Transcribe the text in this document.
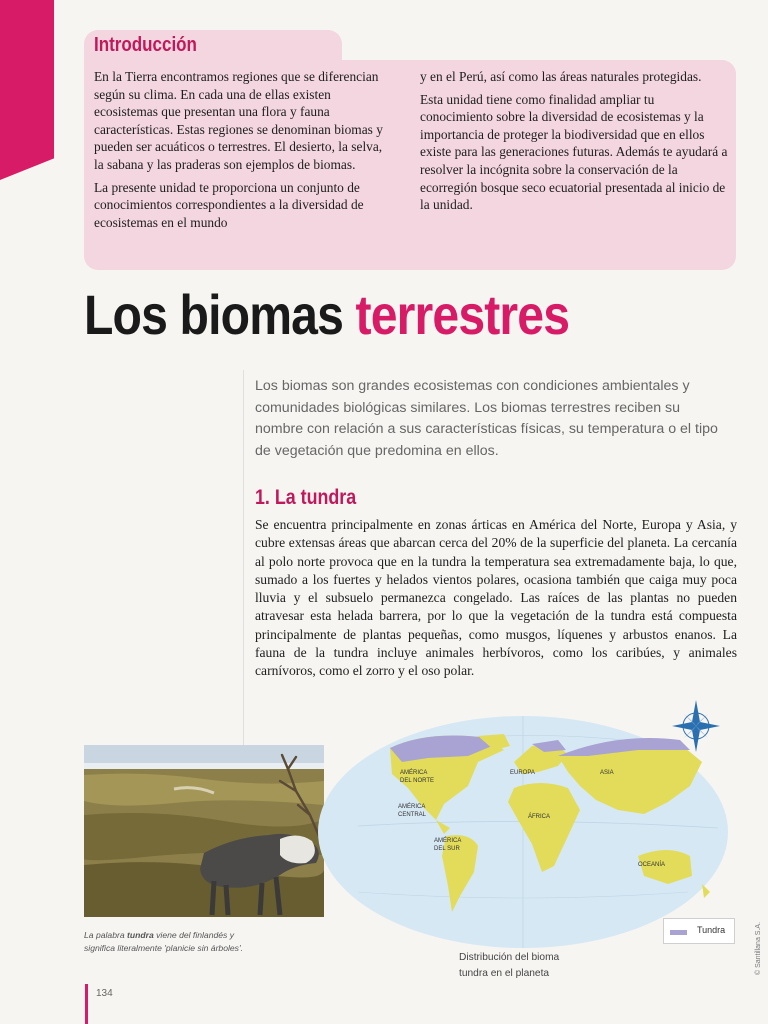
Introducción

En la Tierra encontramos regiones que se diferencian según su clima. En cada una de ellas existen ecosistemas que presentan una flora y fauna características. Estas regiones se denominan biomas y pueden ser acuáticos o terrestres. El desierto, la selva, la sabana y las praderas son ejemplos de biomas.

La presente unidad te proporciona un conjunto de conocimientos correspondientes a la diversidad de ecosistemas en el mundo

y en el Perú, así como las áreas naturales protegidas.

Esta unidad tiene como finalidad ampliar tu conocimiento sobre la diversidad de ecosistemas y la importancia de proteger la biodiversidad que en ellos existe para las generaciones futuras. Además te ayudará a resolver la incógnita sobre la conservación de la ecorregión bosque seco ecuatorial presentada al inicio de la unidad.

Los biomas terrestres

Los biomas son grandes ecosistemas con condiciones ambientales y comunidades biológicas similares. Los biomas terrestres reciben su nombre con relación a sus características físicas, su temperatura o el tipo de vegetación que predomina en ellos.

1. La tundra

Se encuentra principalmente en zonas árticas en América del Norte, Europa y Asia, y cubre extensas áreas que abarcan cerca del 20% de la superficie del planeta. La cercanía al polo norte provoca que en la tundra la temperatura sea extremadamente baja, lo que, sumado a los fuertes y helados vientos polares, ocasiona también que caiga muy poca lluvia y el subsuelo permanezca congelado. Las raíces de las plantas no pueden atravesar esta helada barrera, por lo que la vegetación de la tundra está compuesta principalmente de plantas pequeñas, como musgos, líquenes y arbustos enanos. La fauna de la tundra incluye animales herbívoros, como los caribúes, y animales carnívoros, como el zorro y el oso polar.

La palabra tundra viene del finlandés y significa literalmente 'planicie sin árboles'.

AMÉRICA
DEL NORTE
AMÉRICA
CENTRAL
AMÉRICA
DEL SUR
EUROPA	ASIA
ÁFRICA
OCEANÍA
Tundra

Distribución del bioma tundra en el planeta

134
© Santillana S.A.
